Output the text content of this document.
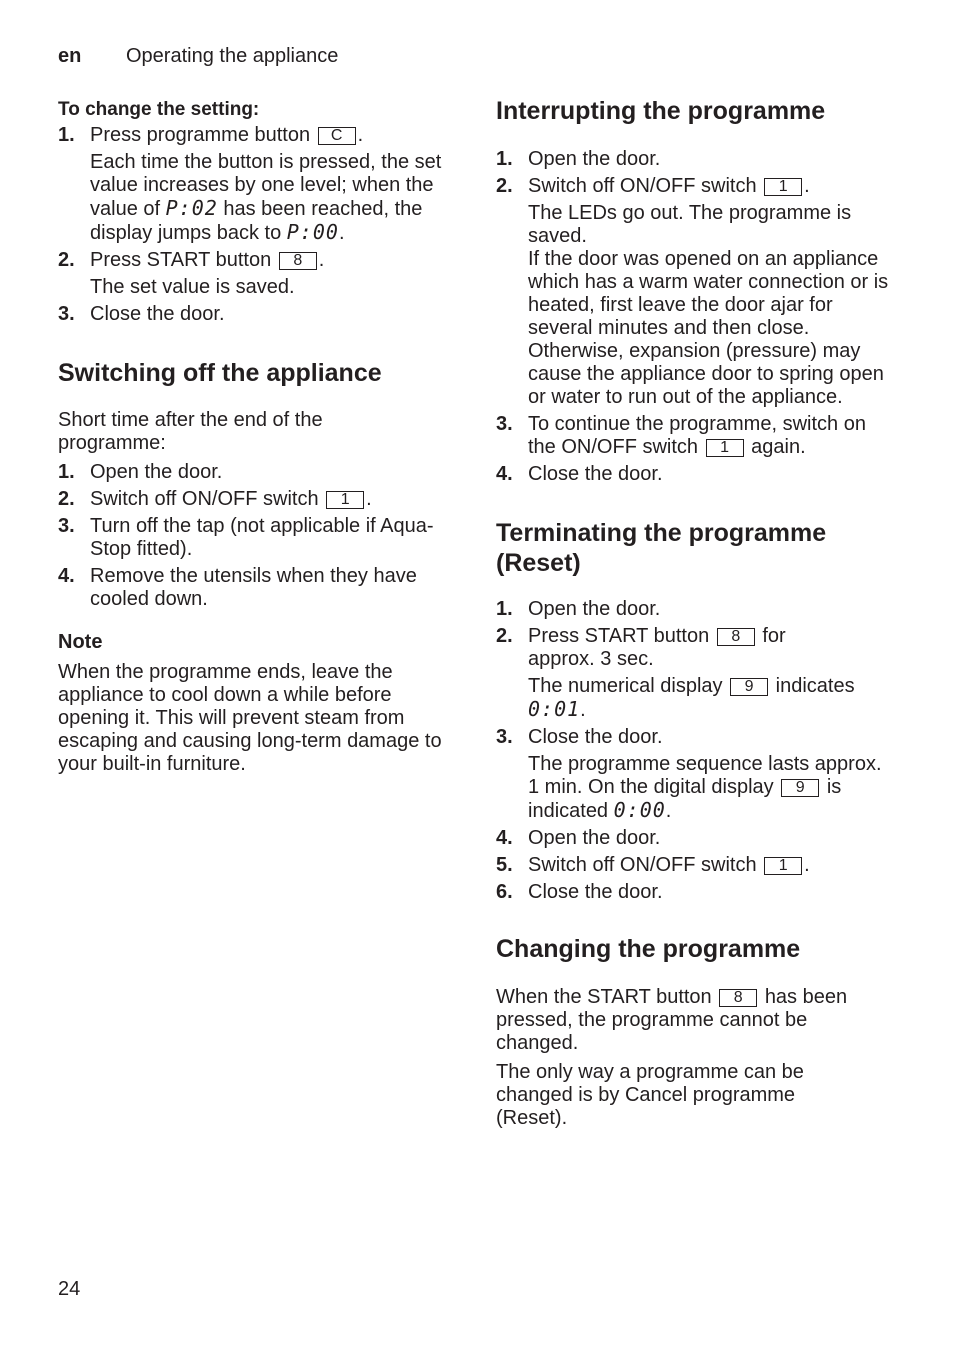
en Operating the appliance

To change the setting:

1. Press programme button C .

Each time the button is pressed, the set value increases by one level; when the value of P:02 has been reached, the display jumps back to P:00.

2. Press START button 8 .

The set value is saved.

3. Close the door.
Switching off the appliance

Short time after the end of the programme:

1. Open the door.
2. Switch off ON/OFF switch 1 .
3. Turn off the tap (not applicable if Aqua-Stop fitted).
4. Remove the utensils when they have cooled down.

Note

When the programme ends, leave the appliance to cool down a while before opening it. This will prevent steam from escaping and causing long-term damage to your built-in furniture.

Interrupting the programme
1. Open the door.
2. Switch off ON/OFF switch 1 .

The LEDs go out. The programme is saved.

If the door was opened on an appliance which has a warm water connection or is heated, first leave the door ajar for several minutes and then close. Otherwise, expansion (pressure) may cause the appliance door to spring open or water to run out of the appliance.

3. To continue the programme, switch on the ON/OFF switch 1 again.
4. Close the door.
Terminating the programme (Reset)
1. Open the door.
2. Press START button 8 for approx. 3 sec.

The numerical display 9 indicates 0:01.

3. Close the door.

The programme sequence lasts approx. 1 min. On the digital display 9 is indicated 0:00.

4. Open the door.
5. Switch off ON/OFF switch 1 .
6. Close the door.
Changing the programme

When the START button 8 has been pressed, the programme cannot be changed.

The only way a programme can be changed is by Cancel programme (Reset).

24
